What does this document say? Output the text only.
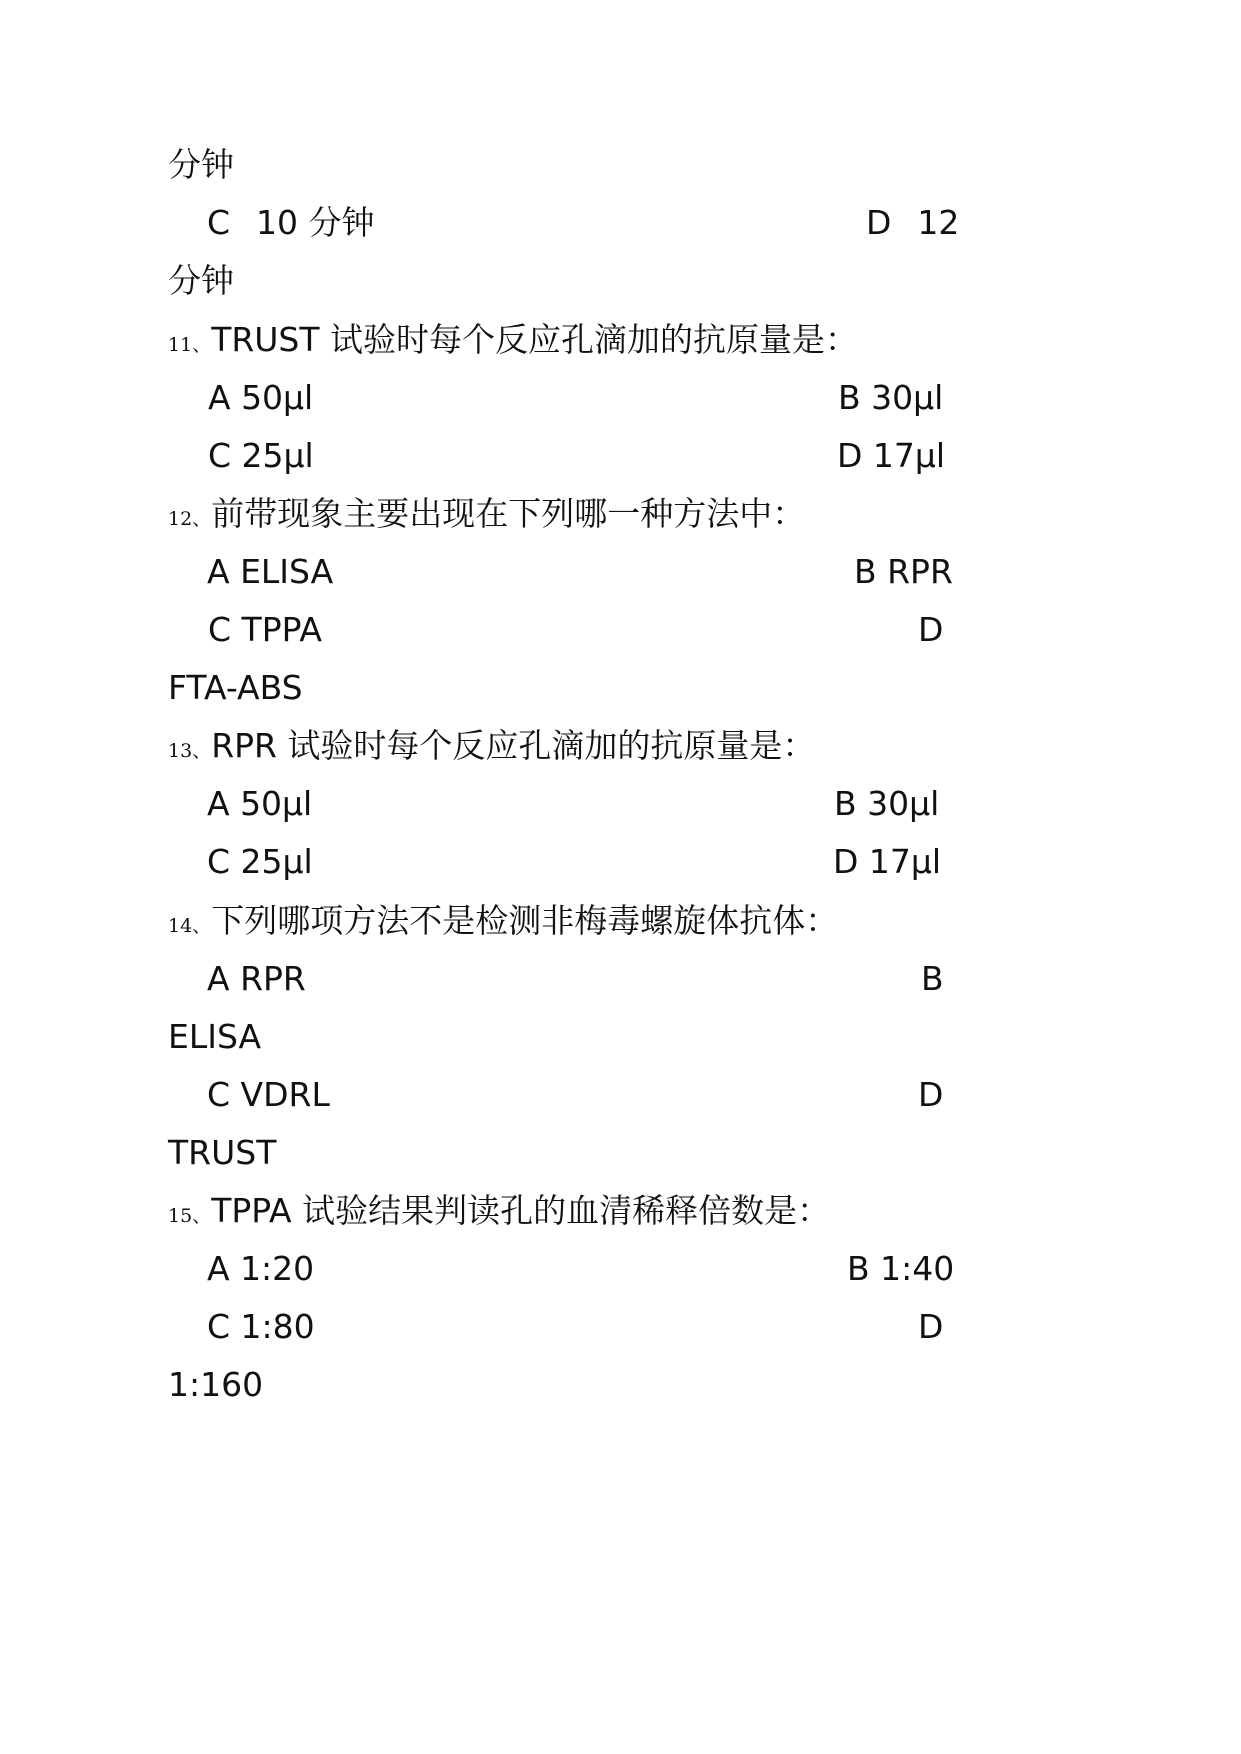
分钟
C 10 分钟	D 12
分钟
11、TRUST 试验时每个反应孔滴加的抗原量是：
A 50μl	B 30μl
C 25μl	D 17μl
12、前带现象主要出现在下列哪一种方法中：
A ELISA	B RPR
C TPPA	D
FTA-ABS
13、RPR 试验时每个反应孔滴加的抗原量是：
A 50μl	B 30μl
C 25μl	D 17μl
14、下列哪项方法不是检测非梅毒螺旋体抗体：
A RPR	B
ELISA
C VDRL	D
TRUST
15、TPPA 试验结果判读孔的血清稀释倍数是：
A 1:20	B 1:40
C 1:80	D
1:160
